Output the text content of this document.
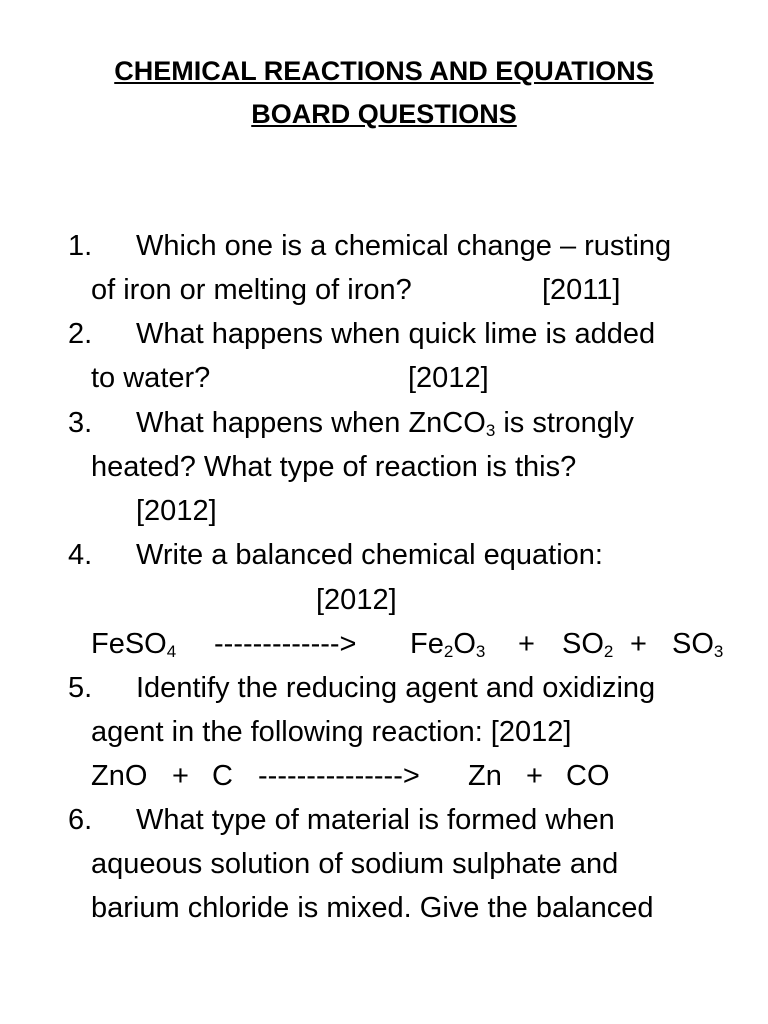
CHEMICAL REACTIONS AND EQUATIONS
BOARD QUESTIONS
1. Which one is a chemical change – rusting
of iron or melting of iron?	[2011]
2. What happens when quick lime is added
to water?	[2012]
3. What happens when ZnCO$_3$ is strongly
heated? What type of reaction is this?
[2012]
4. Write a balanced chemical equation:
[2012]
FeSO$_4$ -------------> $Fe_2O_3 + SO_2 + SO_3$
5. Identify the reducing agent and oxidizing
agent in the following reaction: [2012]
ZnO + C ---------------> Zn + CO
6. What type of material is formed when
aqueous solution of sodium sulphate and
barium chloride is mixed. Give the balanced
